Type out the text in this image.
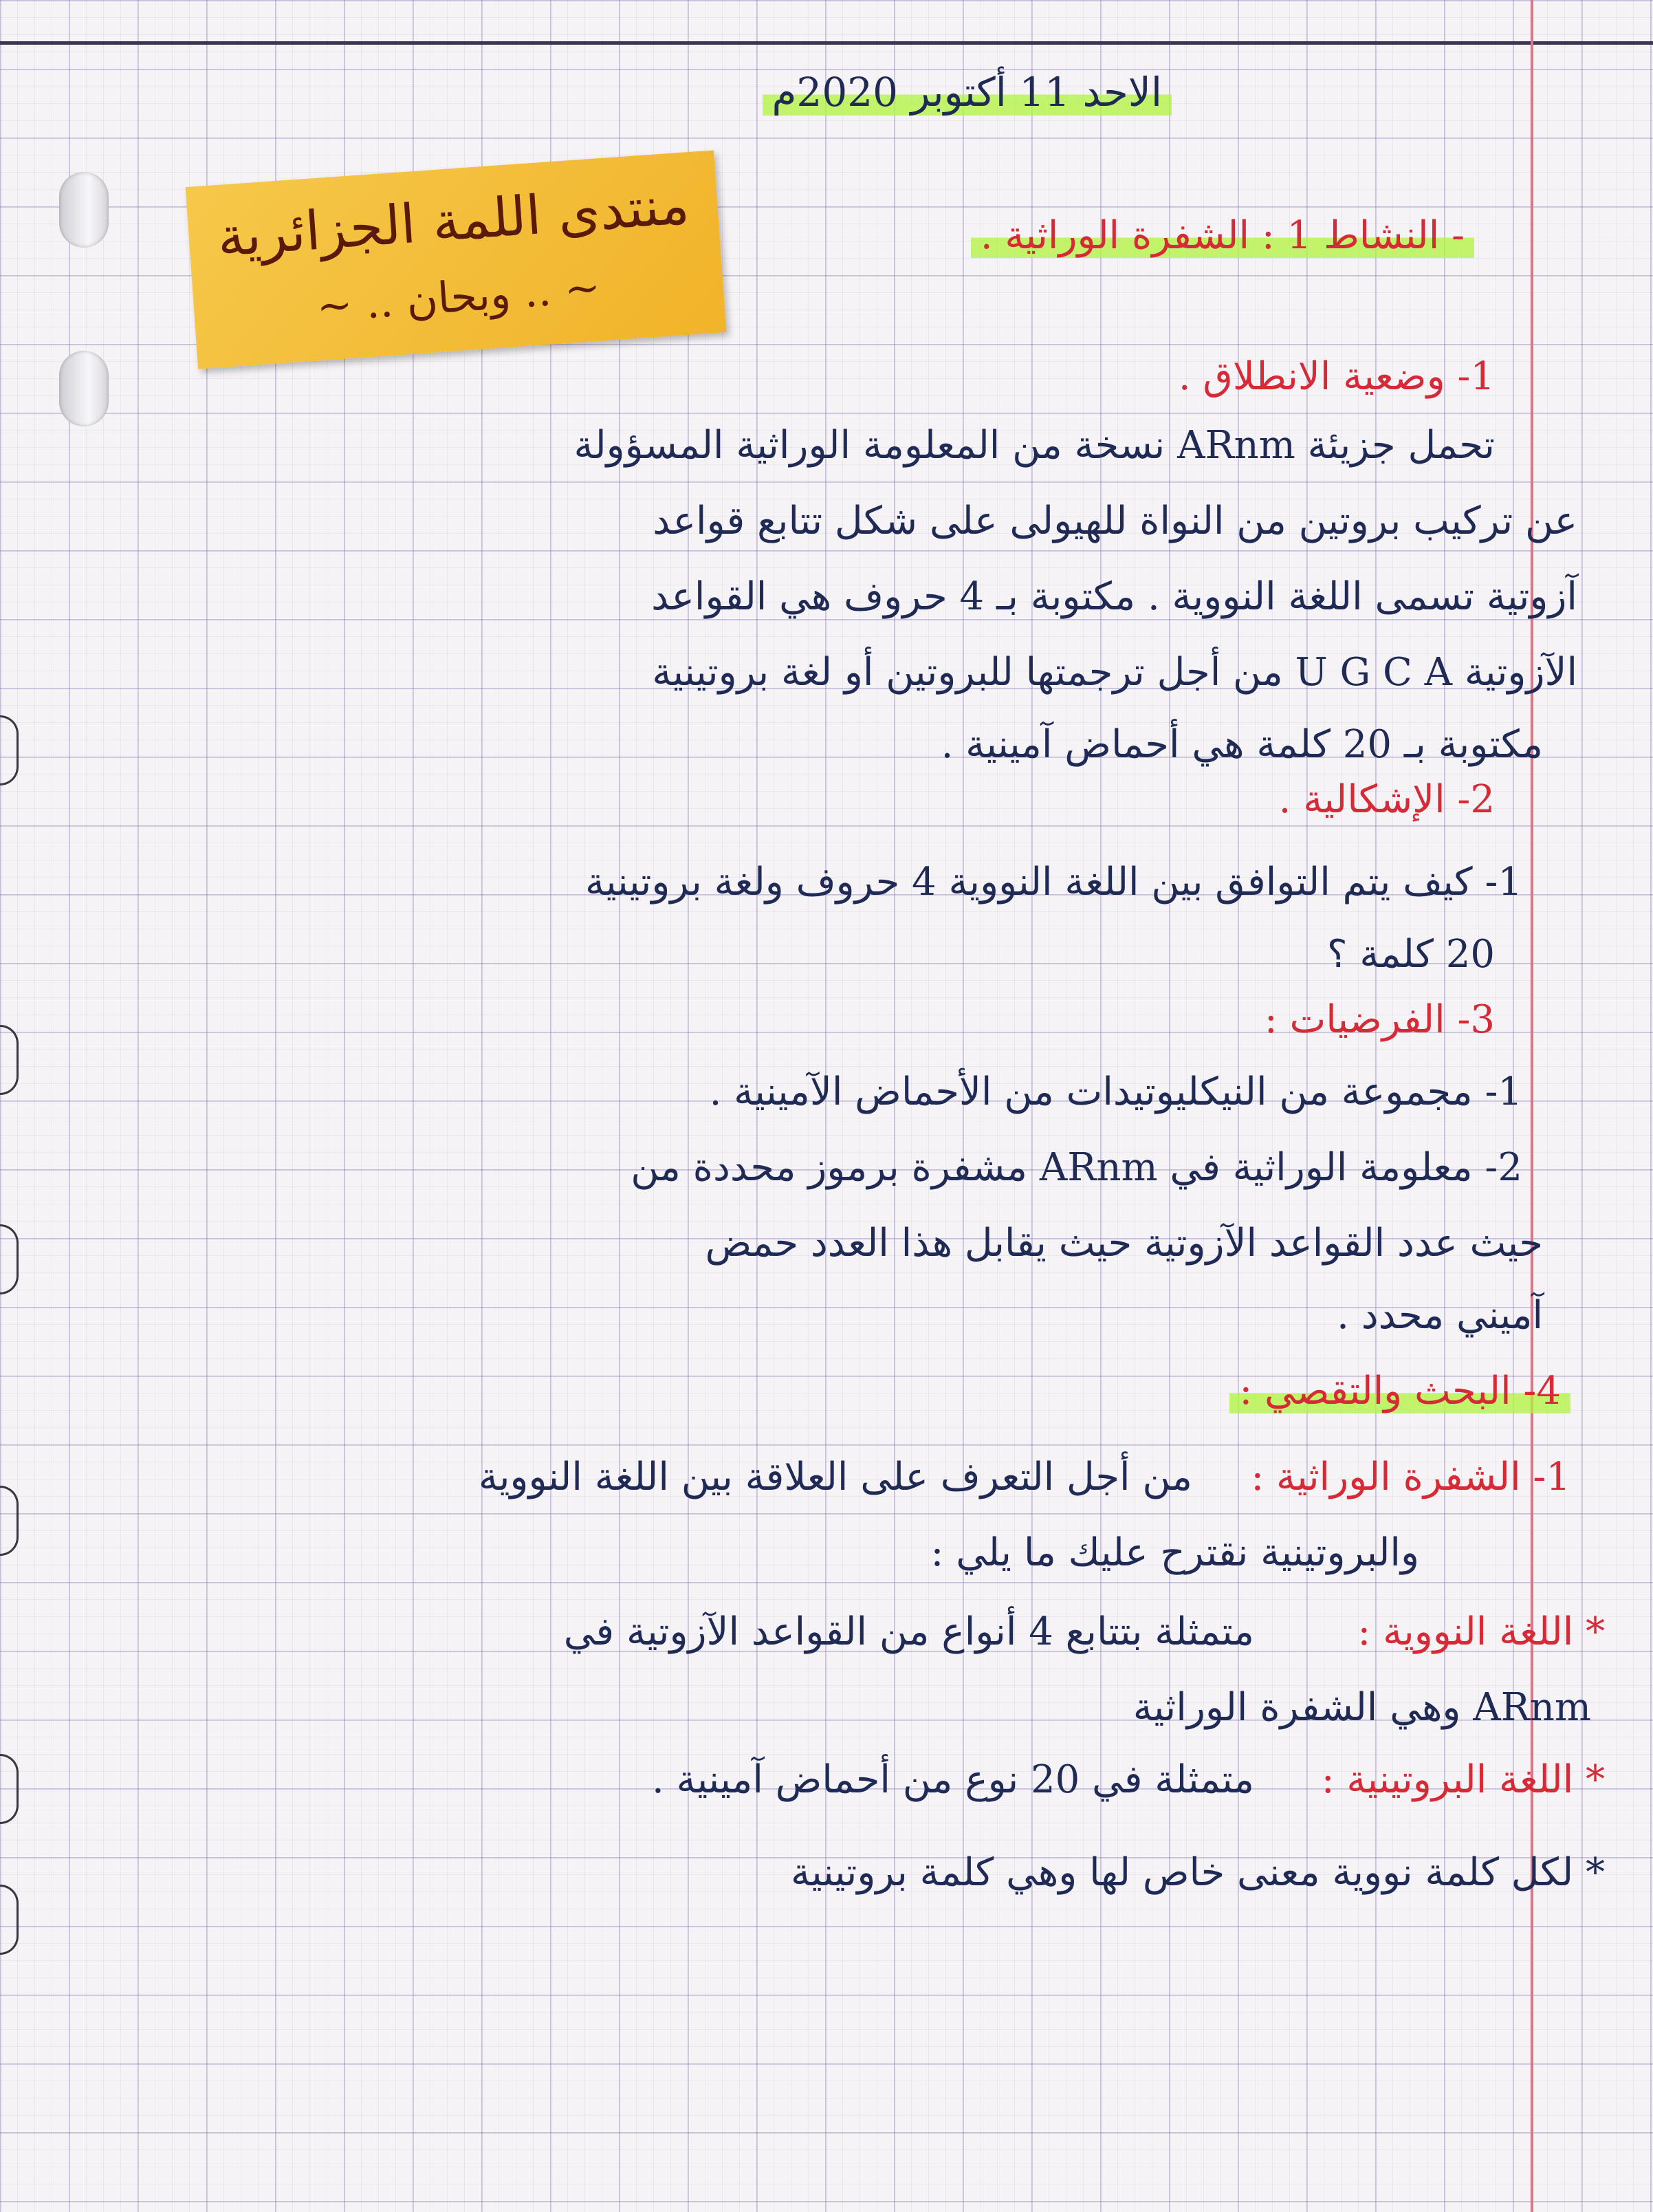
منتدى اللمة الجزائرية
~ .. وبحان .. ~
الاحد 11 أكتوبر 2020م
- النشاط 1 : الشفرة الوراثية .
1- وضعية الانطلاق .
تحمل جزيئة ARnm نسخة من المعلومة الوراثية المسؤولة
عن تركيب بروتين من النواة للهيولى على شكل تتابع قواعد
آزوتية تسمى اللغة النووية . مكتوبة بـ 4 حروف هي القواعد
الآزوتية U G C A من أجل ترجمتها للبروتين أو لغة بروتينية
مكتوبة بـ 20 كلمة هي أحماض آمينية .
2- الإشكالية .
1- كيف يتم التوافق بين اللغة النووية 4 حروف ولغة بروتينية
20 كلمة ؟
3- الفرضيات :
1- مجموعة من النيكليوتيدات من الأحماض الآمينية .
2- معلومة الوراثية في ARnm مشفرة برموز محددة من
حيث عدد القواعد الآزوتية حيث يقابل هذا العدد حمض
آميني محدد .
4- البحث والتقصي :
1- الشفرة الوراثية :
من أجل التعرف على العلاقة بين اللغة النووية
والبروتينية نقترح عليك ما يلي :
* اللغة النووية :
متمثلة بتتابع 4 أنواع من القواعد الآزوتية في
ARnm وهي الشفرة الوراثية
* اللغة البروتينية :
متمثلة في 20 نوع من أحماض آمينية .
* لكل كلمة نووية معنى خاص لها وهي كلمة بروتينية
